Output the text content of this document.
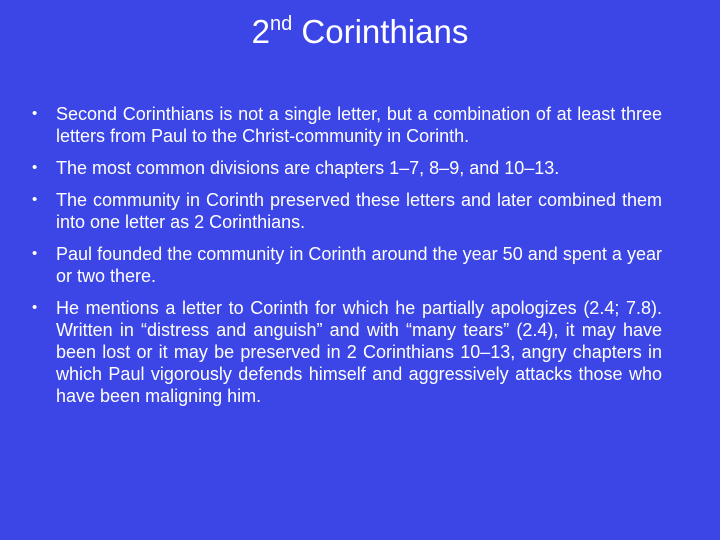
2nd Corinthians
• Second Corinthians is not a single letter, but a combination of at least three letters from Paul to the Christ-community in Corinth.
• The most common divisions are chapters 1–7, 8–9, and 10–13.
• The community in Corinth preserved these letters and later combined them into one letter as 2 Corinthians.
• Paul founded the community in Corinth around the year 50 and spent a year or two there.
• He mentions a letter to Corinth for which he partially apologizes (2.4; 7.8). Written in “distress and anguish” and with “many tears” (2.4), it may have been lost or it may be preserved in 2 Corinthians 10–13, angry chapters in which Paul vigorously defends himself and aggressively attacks those who have been maligning him.
